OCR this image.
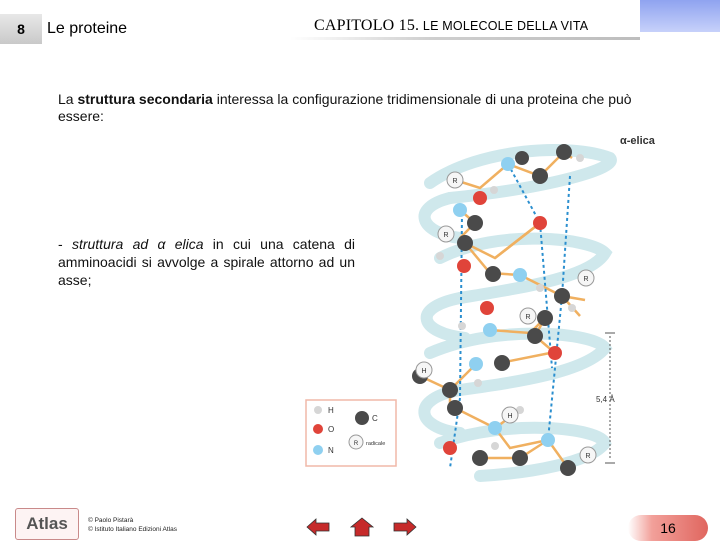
8	Le proteine	CAPITOLO 15. LE MOLECOLE DELLA VITA
La struttura secondaria interessa la configurazione tridimensionale di una proteina che può essere:
- struttura ad α elica in cui una catena di amminoacidi si avvolge a spirale attorno ad un asse;
R
R
R
R
H
H
R
α-elica
5,4 Å
R
H
O
N
C
radicale
Atlas	© Paolo Pistarà
© Istituto Italiano Edizioni Atlas	16
